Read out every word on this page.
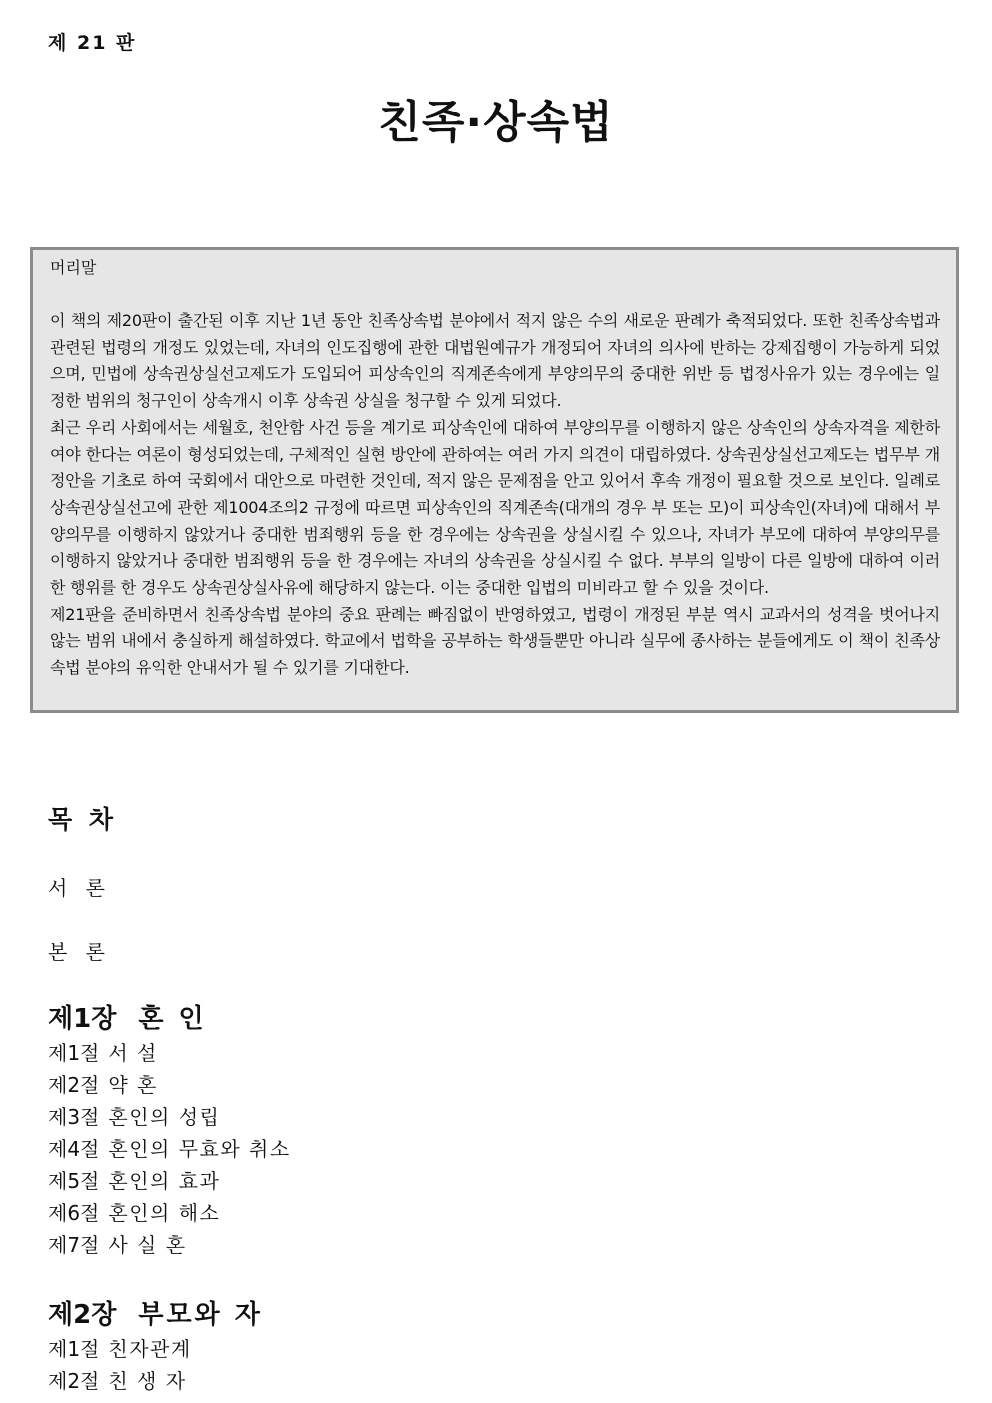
제 21 판
친족·상속법
머리말

이 책의 제20판이 출간된 이후 지난 1년 동안 친족상속법 분야에서 적지 않은 수의 새로운 판례가 축적되었다. 또한 친족상속법과 관련된 법령의 개정도 있었는데, 자녀의 인도집행에 관한 대법원예규가 개정되어 자녀의 의사에 반하는 강제집행이 가능하게 되었으며, 민법에 상속권상실선고제도가 도입되어 피상속인의 직계존속에게 부양의무의 중대한 위반 등 법정사유가 있는 경우에는 일정한 범위의 청구인이 상속개시 이후 상속권 상실을 청구할 수 있게 되었다.

최근 우리 사회에서는 세월호, 천안함 사건 등을 계기로 피상속인에 대하여 부양의무를 이행하지 않은 상속인의 상속자격을 제한하여야 한다는 여론이 형성되었는데, 구체적인 실현 방안에 관하여는 여러 가지 의견이 대립하였다. 상속권상실선고제도는 법무부 개정안을 기초로 하여 국회에서 대안으로 마련한 것인데, 적지 않은 문제점을 안고 있어서 후속 개정이 필요할 것으로 보인다. 일례로 상속권상실선고에 관한 제1004조의2 규정에 따르면 피상속인의 직계존속(대개의 경우 부 또는 모)이 피상속인(자녀)에 대해서 부양의무를 이행하지 않았거나 중대한 범죄행위 등을 한 경우에는 상속권을 상실시킬 수 있으나, 자녀가 부모에 대하여 부양의무를 이행하지 않았거나 중대한 범죄행위 등을 한 경우에는 자녀의 상속권을 상실시킬 수 없다. 부부의 일방이 다른 일방에 대하여 이러한 행위를 한 경우도 상속권상실사유에 해당하지 않는다. 이는 중대한 입법의 미비라고 할 수 있을 것이다.

제21판을 준비하면서 친족상속법 분야의 중요 판례는 빠짐없이 반영하였고, 법령이 개정된 부분 역시 교과서의 성격을 벗어나지 않는 범위 내에서 충실하게 해설하였다. 학교에서 법학을 공부하는 학생들뿐만 아니라 실무에 종사하는 분들에게도 이 책이 친족상속법 분야의 유익한 안내서가 될 수 있기를 기대한다.

목 차
서 론
본 론
제1장 혼 인
제1절 서 설
제2절 약 혼
제3절 혼인의 성립
제4절 혼인의 무효와 취소
제5절 혼인의 효과
제6절 혼인의 해소
제7절 사 실 혼
제2장 부모와 자
제1절 친자관계
제2절 친 생 자
